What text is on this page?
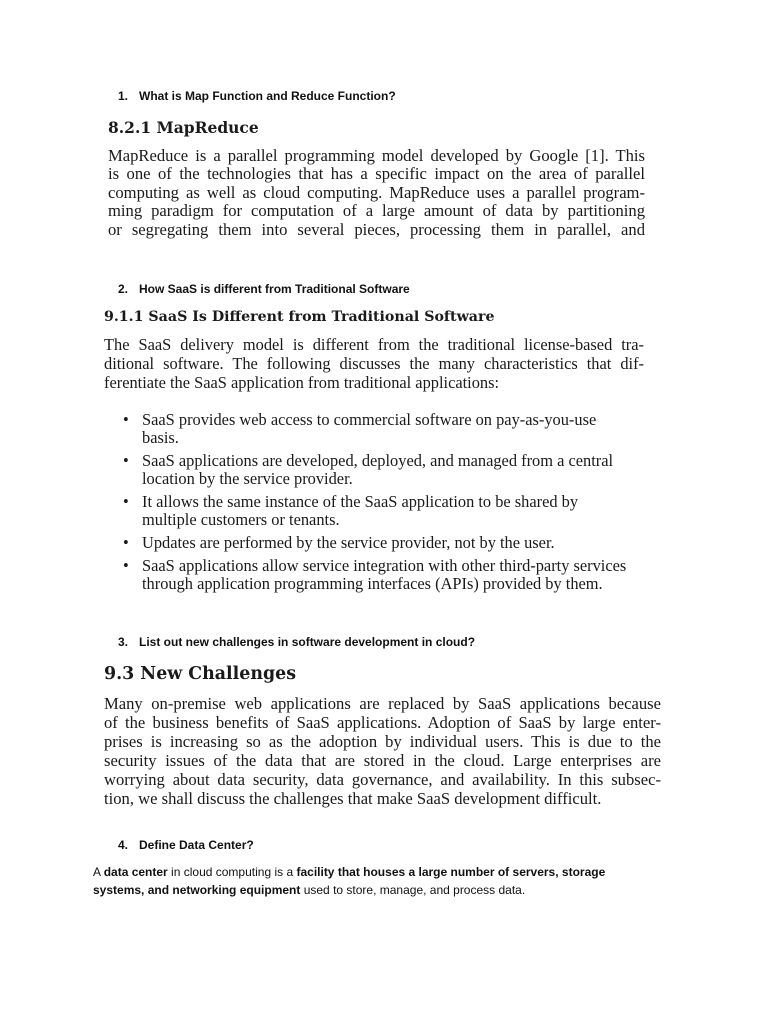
1. What is Map Function and Reduce Function?
8.2.1 MapReduce
MapReduce is a parallel programming model developed by Google [1]. This
is one of the technologies that has a specific impact on the area of parallel
computing as well as cloud computing. MapReduce uses a parallel program-
ming paradigm for computation of a large amount of data by partitioning
or segregating them into several pieces, processing them in parallel, and
2. How SaaS is different from Traditional Software
9.1.1 SaaS Is Different from Traditional Software
The SaaS delivery model is different from the traditional license-based tra-
ditional software. The following discusses the many characteristics that dif-
ferentiate the SaaS application from traditional applications:
• SaaS provides web access to commercial software on pay-as-you-use basis.
• SaaS applications are developed, deployed, and managed from a central location by the service provider.
• It allows the same instance of the SaaS application to be shared by multiple customers or tenants.
• Updates are performed by the service provider, not by the user.
• SaaS applications allow service integration with other third-party services through application programming interfaces (APIs) provided by them.
3. List out new challenges in software development in cloud?
9.3 New Challenges
Many on-premise web applications are replaced by SaaS applications because
of the business benefits of SaaS applications. Adoption of SaaS by large enter-
prises is increasing so as the adoption by individual users. This is due to the
security issues of the data that are stored in the cloud. Large enterprises are
worrying about data security, data governance, and availability. In this subsec-
tion, we shall discuss the challenges that make SaaS development difficult.
4. Define Data Center?
A data center in cloud computing is a facility that houses a large number of servers, storage systems, and networking equipment used to store, manage, and process data.
